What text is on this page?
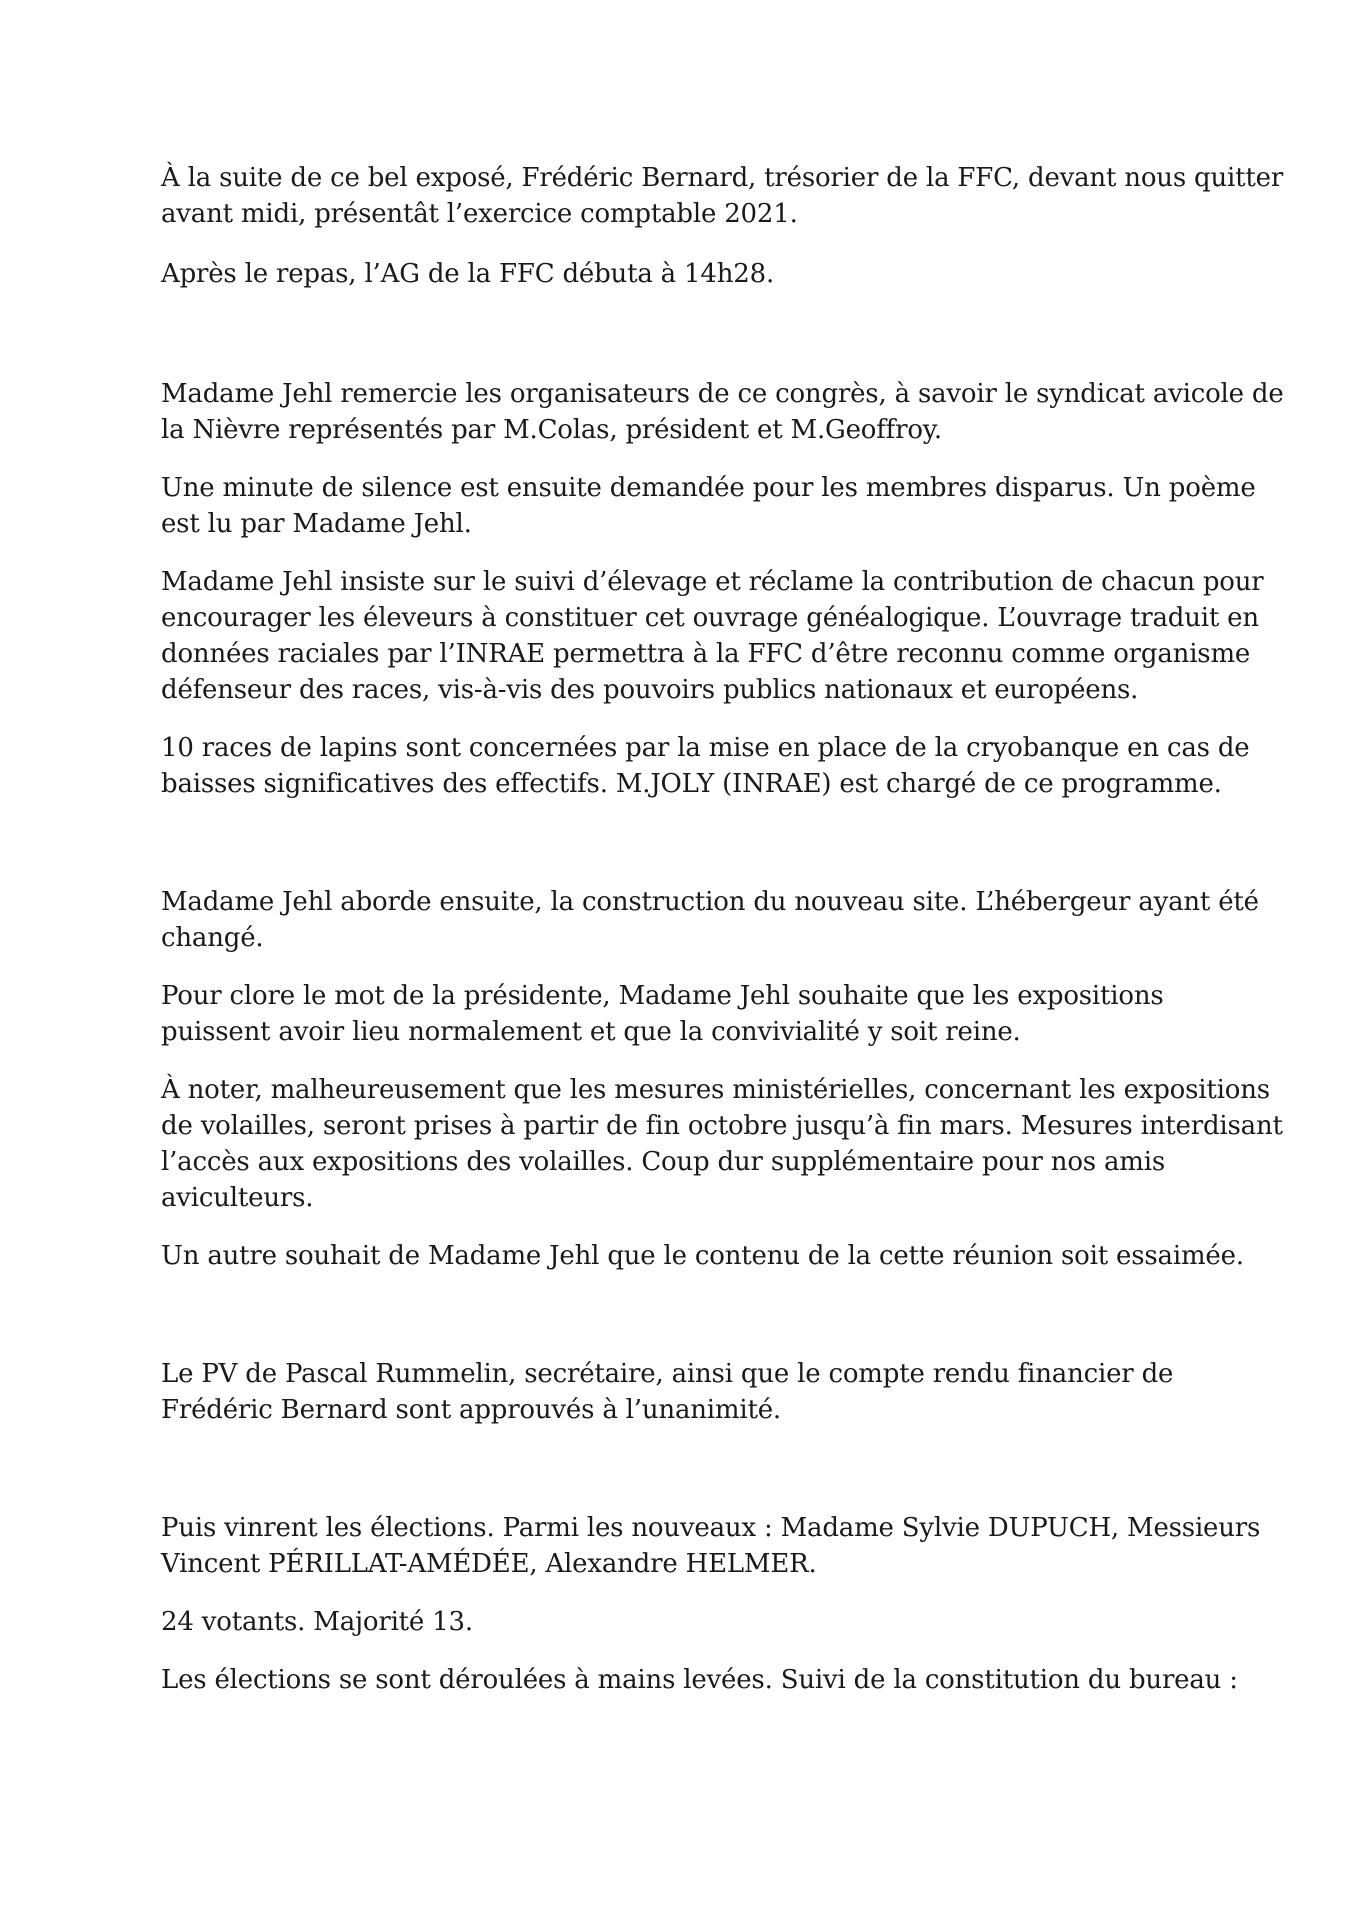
À la suite de ce bel exposé, Frédéric Bernard, trésorier de la FFC, devant nous quitter
avant midi, présentât l’exercice comptable 2021.

Après le repas, l’AG de la FFC débuta à 14h28.

Madame Jehl remercie les organisateurs de ce congrès, à savoir le syndicat avicole de
la Nièvre représentés par M.Colas, président et M.Geoffroy.

Une minute de silence est ensuite demandée pour les membres disparus. Un poème
est lu par Madame Jehl.

Madame Jehl insiste sur le suivi d’élevage et réclame la contribution de chacun pour
encourager les éleveurs à constituer cet ouvrage généalogique. L’ouvrage traduit en
données raciales par l’INRAE permettra à la FFC d’être reconnu comme organisme
défenseur des races, vis-à-vis des pouvoirs publics nationaux et européens.

10 races de lapins sont concernées par la mise en place de la cryobanque en cas de
baisses significatives des effectifs. M.JOLY (INRAE) est chargé de ce programme.

Madame Jehl aborde ensuite, la construction du nouveau site. L’hébergeur ayant été
changé.

Pour clore le mot de la présidente, Madame Jehl souhaite que les expositions
puissent avoir lieu normalement et que la convivialité y soit reine.

À noter, malheureusement que les mesures ministérielles, concernant les expositions
de volailles, seront prises à partir de fin octobre jusqu’à fin mars. Mesures interdisant
l’accès aux expositions des volailles. Coup dur supplémentaire pour nos amis
aviculteurs.

Un autre souhait de Madame Jehl que le contenu de la cette réunion soit essaimée.

Le PV de Pascal Rummelin, secrétaire, ainsi que le compte rendu financier de
Frédéric Bernard sont approuvés à l’unanimité.

Puis vinrent les élections. Parmi les nouveaux : Madame Sylvie DUPUCH, Messieurs
Vincent PÉRILLAT-AMÉDÉE, Alexandre HELMER.

24 votants. Majorité 13.

Les élections se sont déroulées à mains levées. Suivi de la constitution du bureau :
